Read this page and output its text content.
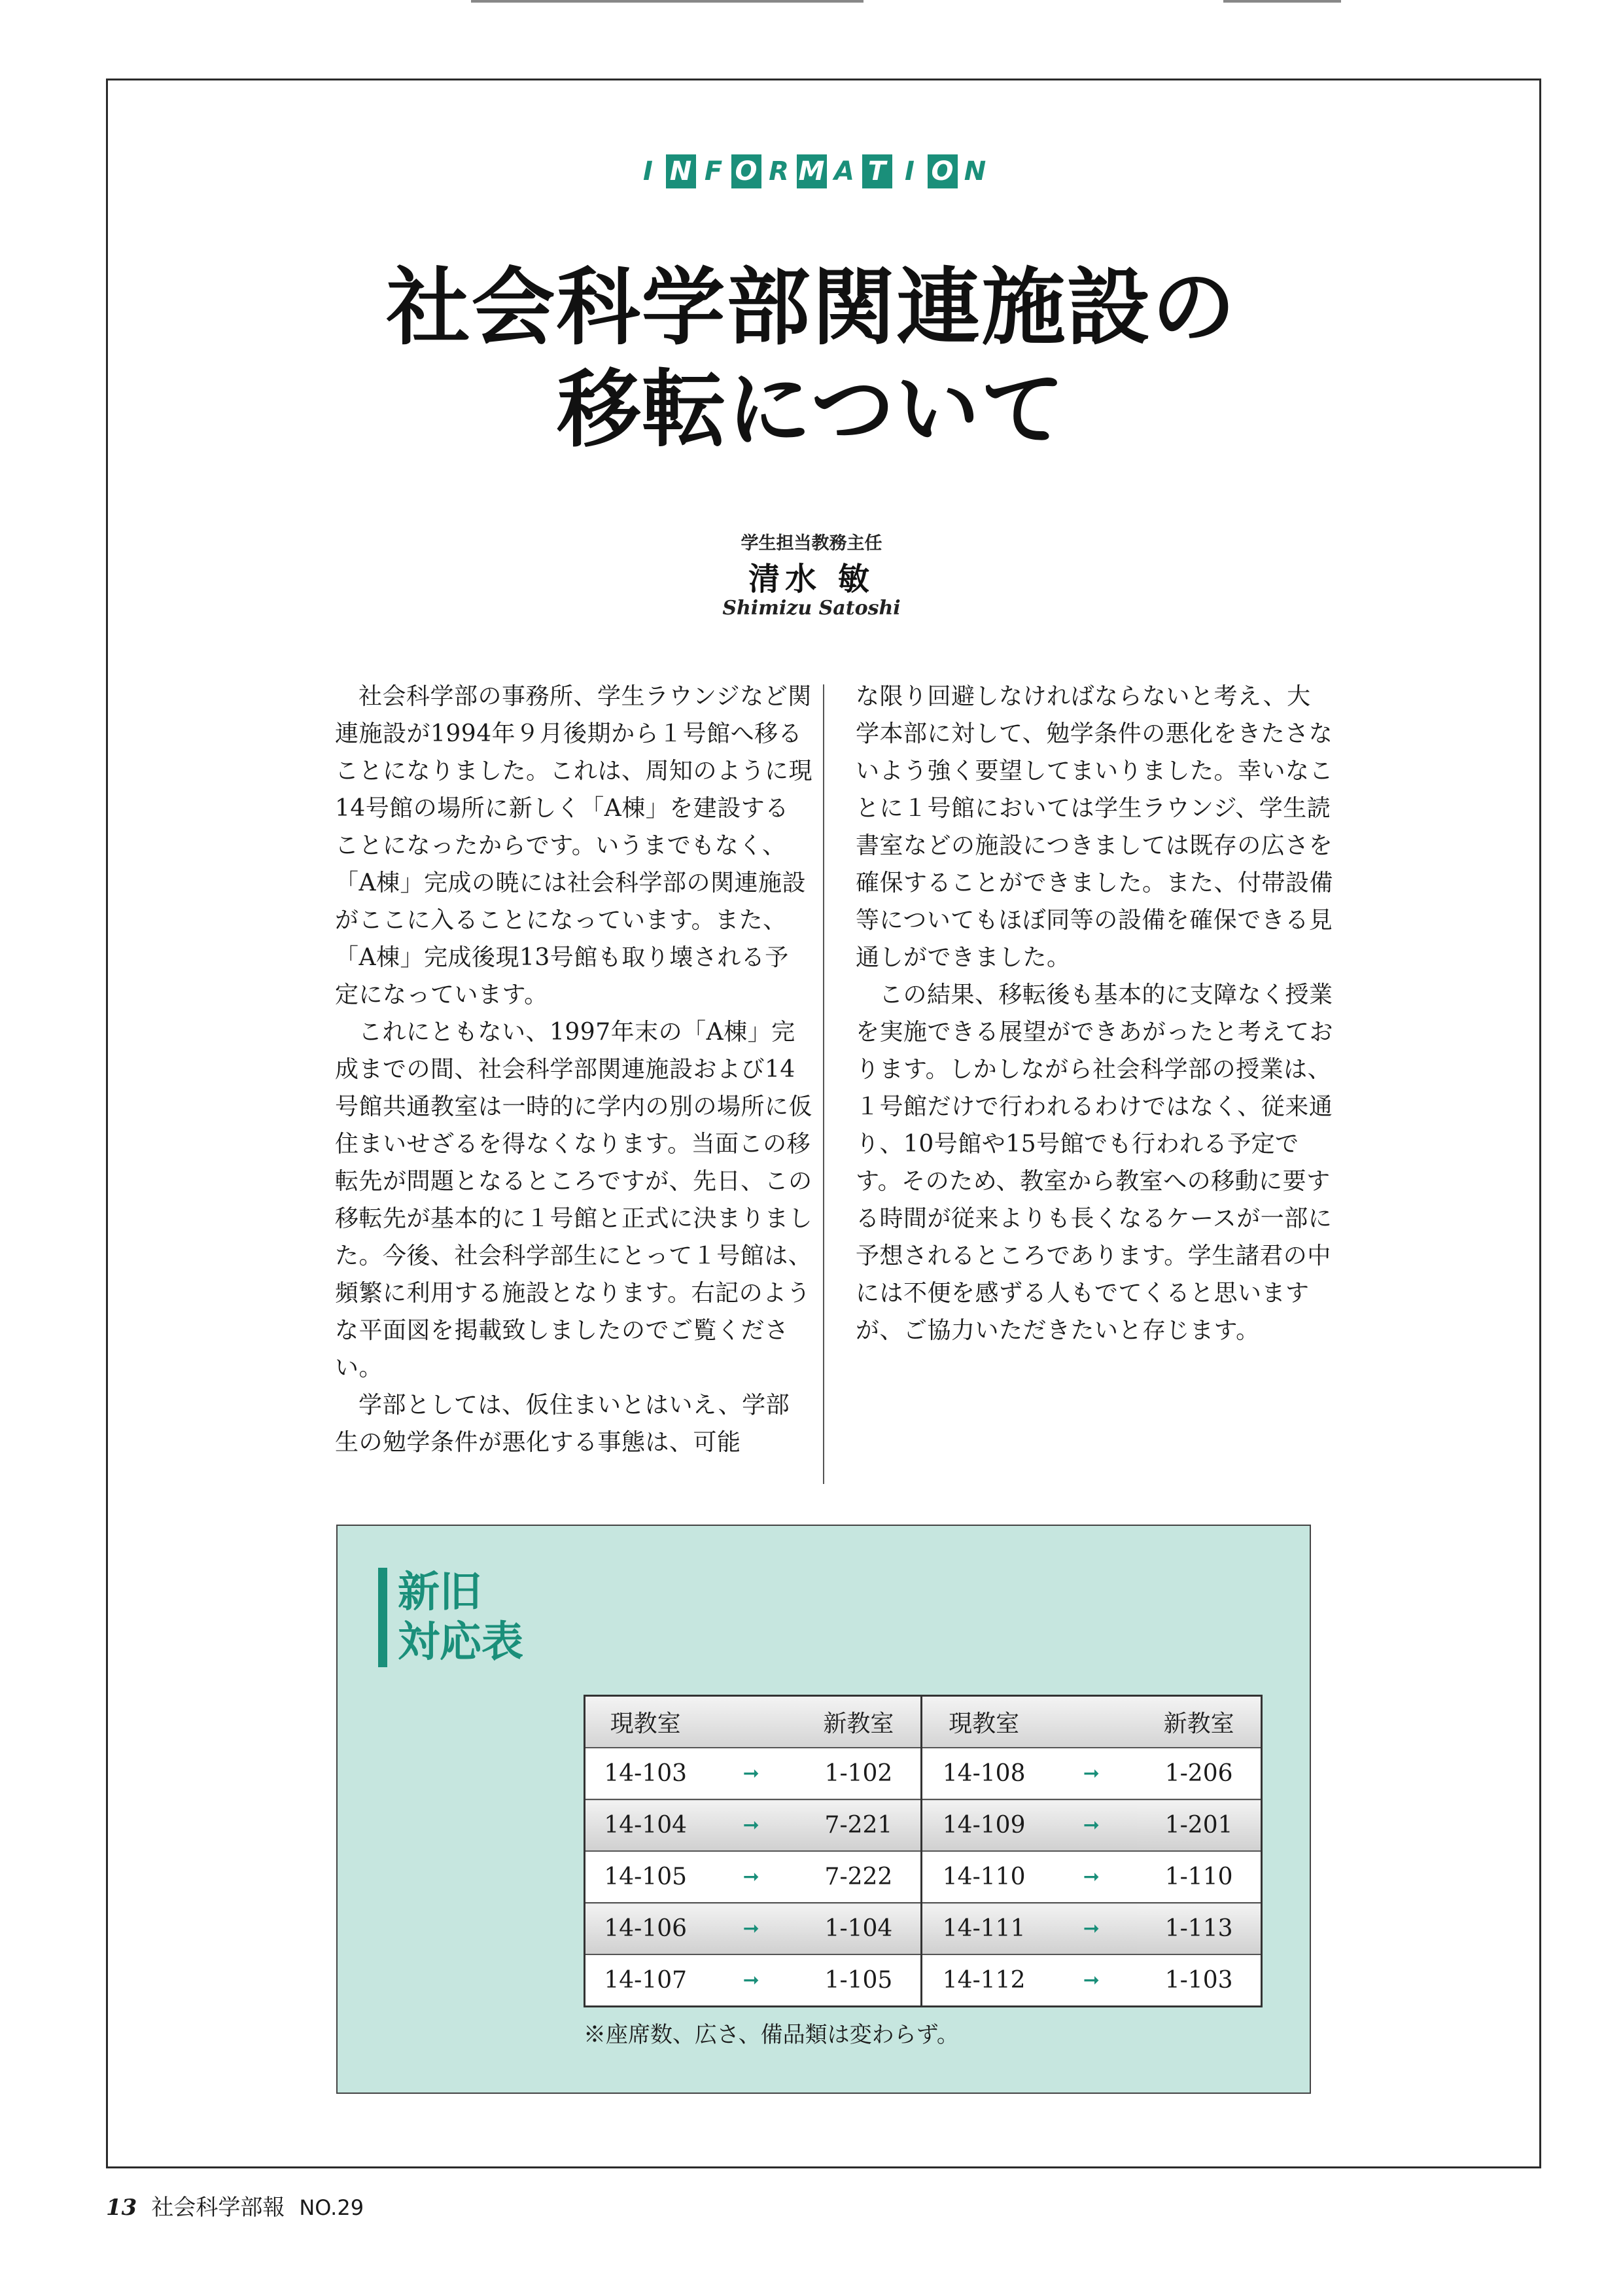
I N F O R M A T I O N
社会科学部関連施設の
移転について
学生担当教務主任
清水 敏
Shimizu Satoshi

社会科学部の事務所、学生ラウンジなど関連施設が1994年９月後期から１号館へ移ることになりました。これは、周知のように現14号館の場所に新しく「A棟」を建設することになったからです。いうまでもなく、「A棟」完成の暁には社会科学部の関連施設がここに入ることになっています。また、「A棟」完成後現13号館も取り壊される予定になっています。

これにともない、1997年末の「A棟」完成までの間、社会科学部関連施設および14号館共通教室は一時的に学内の別の場所に仮住まいせざるを得なくなります。当面この移転先が問題となるところですが、先日、この移転先が基本的に１号館と正式に決まりました。今後、社会科学部生にとって１号館は、頻繁に利用する施設となります。右記のような平面図を掲載致しましたのでご覧ください。

学部としては、仮住まいとはいえ、学部生の勉学条件が悪化する事態は、可能

な限り回避しなければならないと考え、大学本部に対して、勉学条件の悪化をきたさないよう強く要望してまいりました。幸いなことに１号館においては学生ラウンジ、学生読書室などの施設につきましては既存の広さを確保することができました。また、付帯設備等についてもほぼ同等の設備を確保できる見通しができました。

この結果、移転後も基本的に支障なく授業を実施できる展望ができあがったと考えております。しかしながら社会科学部の授業は、１号館だけで行われるわけではなく、従来通り、10号館や15号館でも行われる予定です。そのため、教室から教室への移動に要する時間が従来よりも長くなるケースが一部に予想されるところであります。学生諸君の中には不便を感ずる人もでてくると思いますが、ご協力いただきたいと存じます。

新旧
対応表
現教室		新教室	現教室		新教室
14-103	➞	1-102	14-108	➞	1-206
14-104	➞	7-221	14-109	➞	1-201
14-105	➞	7-222	14-110	➞	1-110
14-106	➞	1-104	14-111	➞	1-113
14-107	➞	1-105	14-112	➞	1-103
※座席数、広さ、備品類は変わらず。
13 社会科学部報 NO.29
